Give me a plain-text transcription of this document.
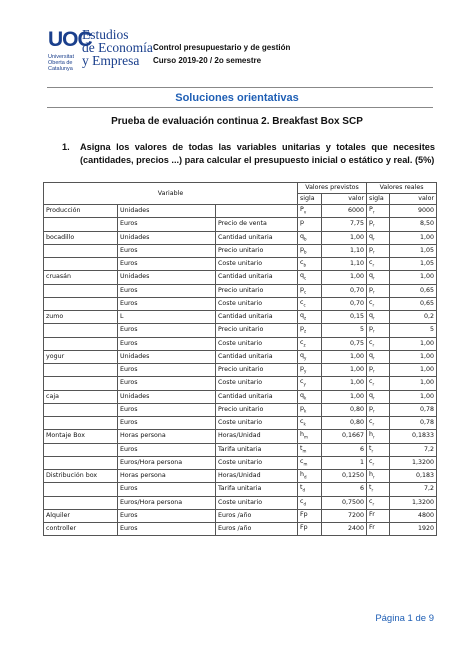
UOC
Universitat Oberta de Catalunya
Estudios
de Economía
y Empresa
Control presupuestario y de gestión
Curso 2019-20 / 2o semestre
Soluciones orientativas
Prueba de evaluación continua 2. Breakfast Box SCP
1. Asigna los valores de todas las variables unitarias y totales que necesites (cantidades, precios ...) para calcular el presupuesto inicial o estático y real. (5%)
Variable			Valores previstos		Valores reales	
			sigla	valor	sigla	valor
Producción	Unidades		$P_v$	6000	$P_r$	9000
	Euros	Precio de venta	p	7,75	$p_r$	8,50
bocadillo	Unidades	Cantidad unitaria	$q_b$	1,00	$q_r$	1,00
	Euros	Precio unitario	$p_b$	1,10	$p_r$	1,05
	Euros	Coste unitario	$c_b$	1,10	$c_r$	1,05
cruasán	Unidades	Cantidad unitaria	$q_c$	1,00	$q_r$	1,00
	Euros	Precio unitario	$p_c$	0,70	$p_r$	0,65
	Euros	Coste unitario	$c_c$	0,70	$c_r$	0,65
zumo	L	Cantidad unitaria	$q_z$	0,15	$q_r$	0,2
	Euros	Precio unitario	$p_z$	5	$p_r$	5
	Euros	Coste unitario	$c_z$	0,75	$c_r$	1,00
yogur	Unidades	Cantidad unitaria	$q_y$	1,00	$q_r$	1,00
	Euros	Precio unitario	$p_y$	1,00	$p_r$	1,00
	Euros	Coste unitario	$c_y$	1,00	$c_r$	1,00
caja	Unidades	Cantidad unitaria	$q_k$	1,00	$q_r$	1,00
	Euros	Precio unitario	$p_k$	0,80	$p_r$	0,78
	Euros	Coste unitario	$c_k$	0,80	$c_r$	0,78
Montaje Box	Horas persona	Horas/Unidad	$h_m$	0,1667	$h_r$	0,1833
	Euros	Tarifa unitaria	$t_m$	6	$t_r$	7,2
	Euros/Hora persona	Coste unitario	$c_m$	1	$c_r$	1,3200
Distribución box	Horas persona	Horas/Unidad	$h_d$	0,1250	$h_r$	0,183
	Euros	Tarifa unitaria	$t_d$	6	$t_r$	7,2
	Euros/Hora persona	Coste unitario	$c_d$	0,7500	$c_r$	1,3200
Alquiler	Euros	Euros /año	Fp	7200	Fr	4800
controller	Euros	Euros /año	Fp	2400	Fr	1920
Página 1 de 9
